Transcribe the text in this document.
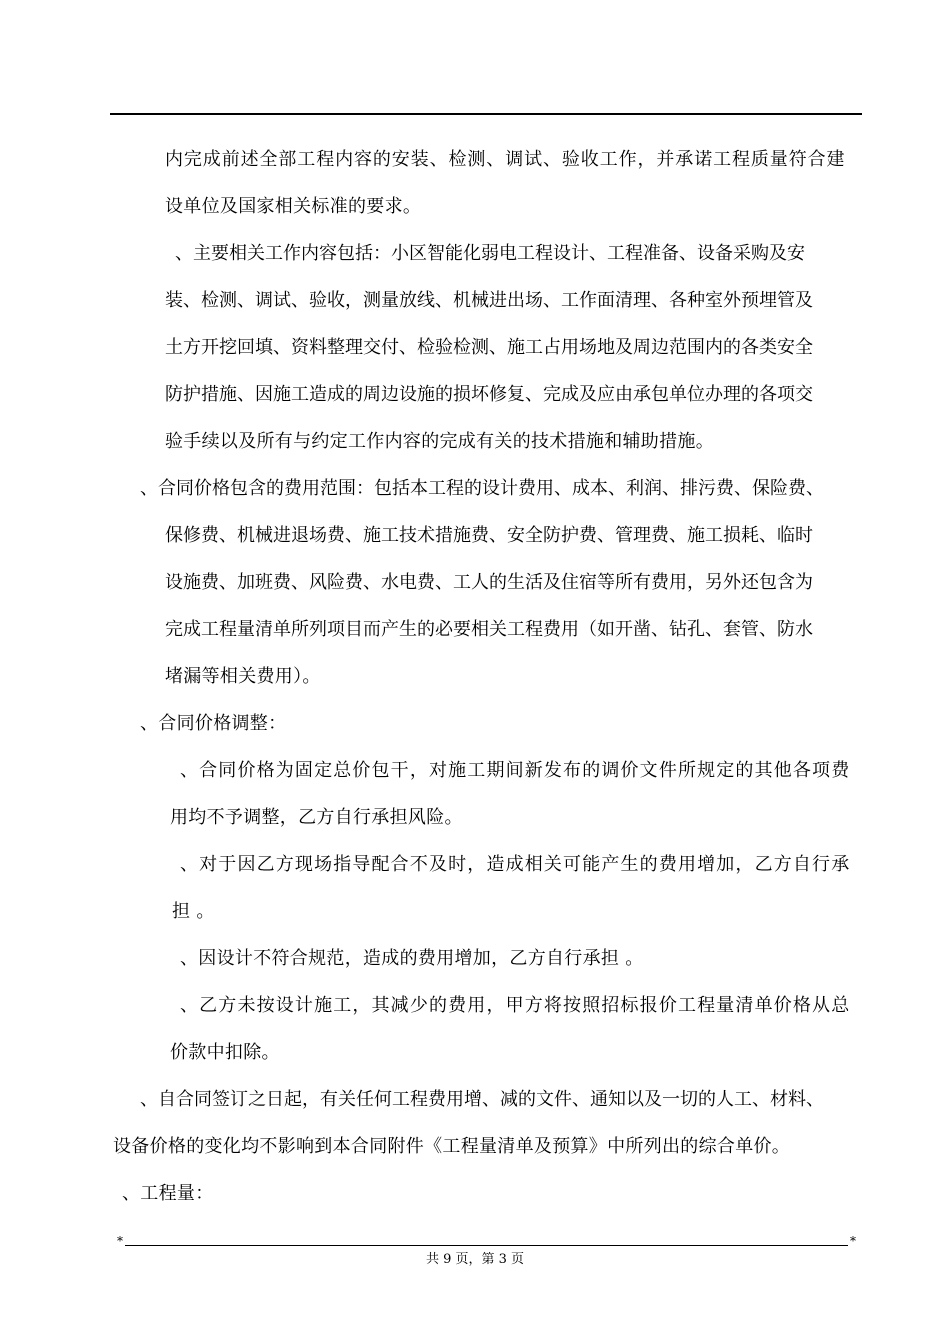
内完成前述全部工程内容的安装、检测、调试、验收工作，并承诺工程质量符合建
设单位及国家相关标准的要求。
、主要相关工作内容包括：小区智能化弱电工程设计、工程准备、设备采购及安
装、检测、调试、验收，测量放线、机械进出场、工作面清理、各种室外预埋管及
土方开挖回填、资料整理交付、检验检测、施工占用场地及周边范围内的各类安全
防护措施、因施工造成的周边设施的损坏修复、完成及应由承包单位办理的各项交
验手续以及所有与约定工作内容的完成有关的技术措施和辅助措施。
、合同价格包含的费用范围：包括本工程的设计费用、成本、利润、排污费、保险费、
保修费、机械进退场费、施工技术措施费、安全防护费、管理费、施工损耗、临时
设施费、加班费、风险费、水电费、工人的生活及住宿等所有费用，另外还包含为
完成工程量清单所列项目而产生的必要相关工程费用（如开凿、钻孔、套管、防水
堵漏等相关费用）。
、合同价格调整：
、合同价格为固定总价包干，对施工期间新发布的调价文件所规定的其他各项费
用均不予调整，乙方自行承担风险。
、对于因乙方现场指导配合不及时，造成相关可能产生的费用增加，乙方自行承
担 。
、因设计不符合规范，造成的费用增加，乙方自行承担 。
、乙方未按设计施工，其减少的费用，甲方将按照招标报价工程量清单价格从总
价款中扣除。
、自合同签订之日起，有关任何工程费用增、减的文件、通知以及一切的人工、材料、
设备价格的变化均不影响到本合同附件《工程量清单及预算》中所列出的综合单价。
、工程量：
*	*
共 9 页，第 3 页
